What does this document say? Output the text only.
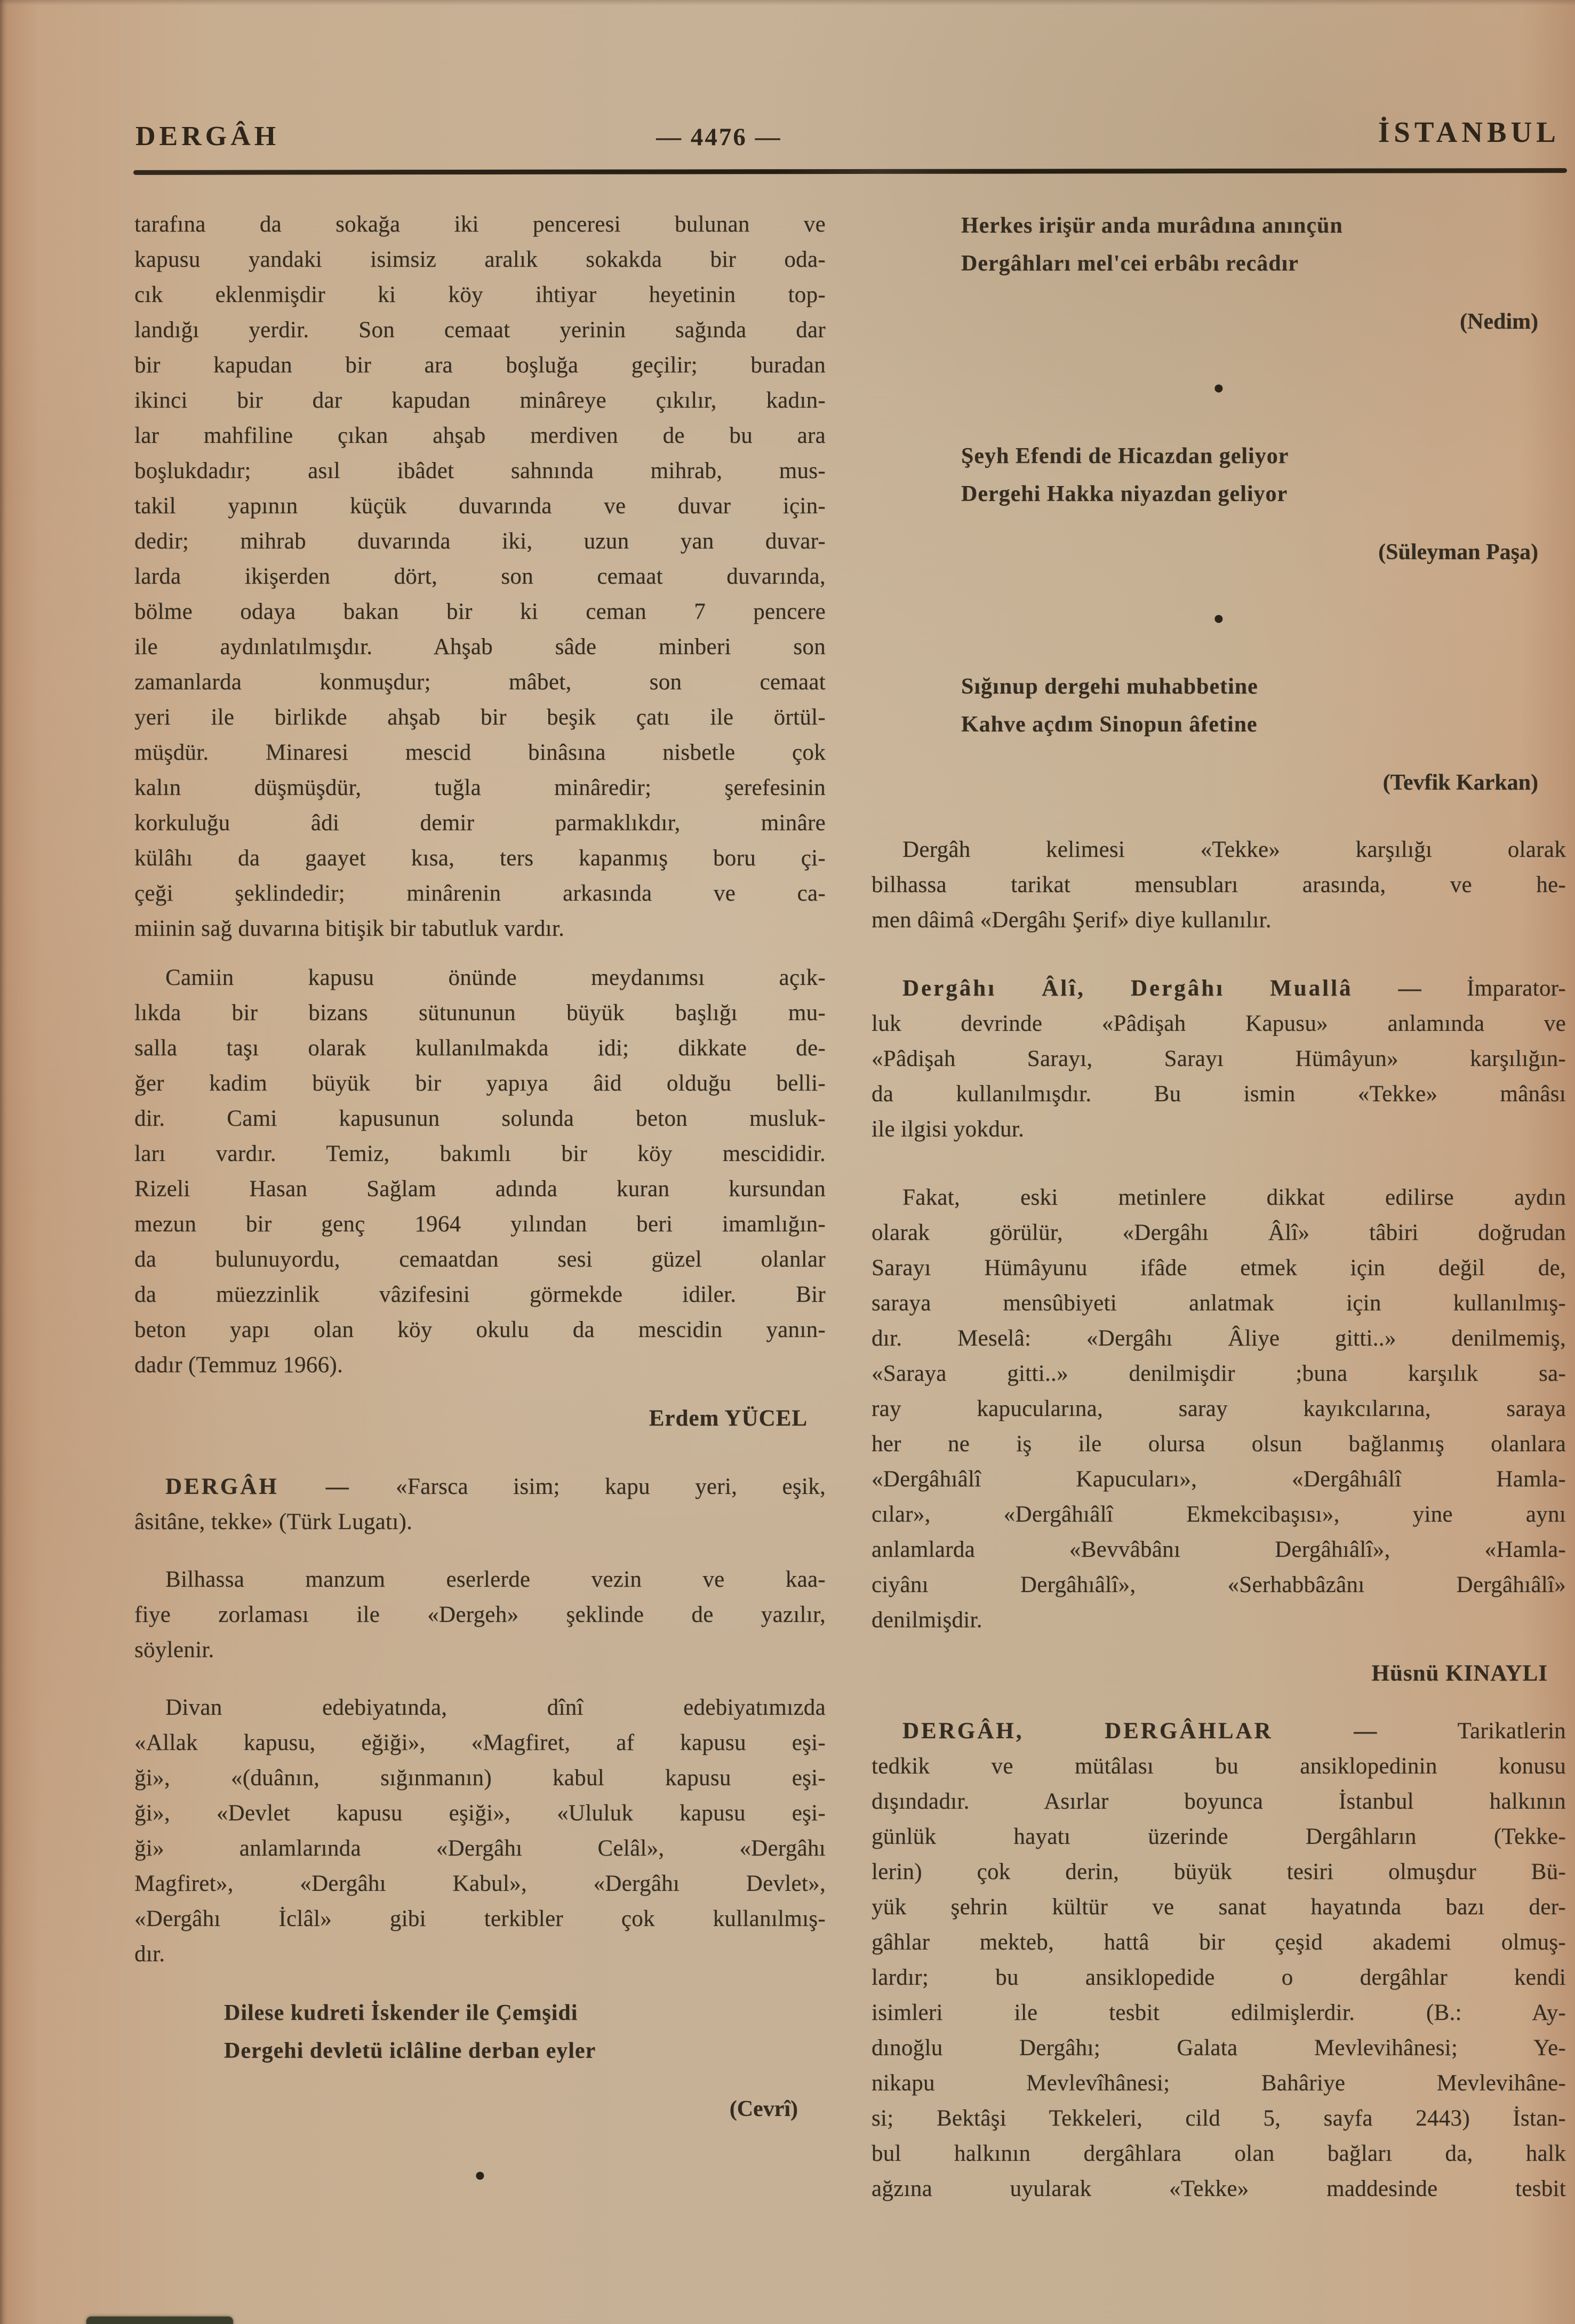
DERGÂH	— 4476 —	İSTANBUL
tarafına da sokağa iki penceresi bulunan ve
kapusu yandaki isimsiz aralık sokakda bir oda-
cık eklenmişdir ki köy ihtiyar heyetinin top-
landığı yerdir. Son cemaat yerinin sağında dar
bir kapudan bir ara boşluğa geçilir; buradan
ikinci bir dar kapudan minâreye çıkılır, kadın-
lar mahfiline çıkan ahşab merdiven de bu ara
boşlukdadır; asıl ibâdet sahnında mihrab, mus-
takil yapının küçük duvarında ve duvar için-
dedir; mihrab duvarında iki, uzun yan duvar-
larda ikişerden dört, son cemaat duvarında,
bölme odaya bakan bir ki ceman 7 pencere
ile aydınlatılmışdır. Ahşab sâde minberi son
zamanlarda konmuşdur; mâbet, son cemaat
yeri ile birlikde ahşab bir beşik çatı ile örtül-
müşdür. Minaresi mescid binâsına nisbetle çok
kalın düşmüşdür, tuğla minâredir; şerefesinin
korkuluğu âdi demir parmaklıkdır, minâre
külâhı da gaayet kısa, ters kapanmış boru çi-
çeği şeklindedir; minârenin arkasında ve ca-
miinin sağ duvarına bitişik bir tabutluk vardır.
Camiin kapusu önünde meydanımsı açık-
lıkda bir bizans sütununun büyük başlığı mu-
salla taşı olarak kullanılmakda idi; dikkate de-
ğer kadim büyük bir yapıya âid olduğu belli-
dir. Cami kapusunun solunda beton musluk-
ları vardır. Temiz, bakımlı bir köy mescididir.
Rizeli Hasan Sağlam adında kuran kursundan
mezun bir genç 1964 yılından beri imamlığın-
da bulunuyordu, cemaatdan sesi güzel olanlar
da müezzinlik vâzifesini görmekde idiler. Bir
beton yapı olan köy okulu da mescidin yanın-
dadır (Temmuz 1966).
Erdem YÜCEL
DERGÂH — «Farsca isim; kapu yeri, eşik,
âsitâne, tekke» (Türk Lugatı).
Bilhassa manzum eserlerde vezin ve kaa-
fiye zorlaması ile «Dergeh» şeklinde de yazılır,
söylenir.
Divan edebiyatında, dînî edebiyatımızda
«Allak kapusu, eğiği», «Magfiret, af kapusu eşi-
ği», «(duânın, sığınmanın) kabul kapusu eşi-
ği», «Devlet kapusu eşiği», «Ululuk kapusu eşi-
ği» anlamlarında «Dergâhı Celâl», «Dergâhı
Magfiret», «Dergâhı Kabul», «Dergâhı Devlet»,
«Dergâhı İclâl» gibi terkibler çok kullanılmış-
dır.
Dilese kudreti İskender ile Çemşidi
Dergehi devletü iclâline derban eyler
(Cevrî)
●
Herkes irişür anda murâdına anınçün
Dergâhları mel'cei erbâbı recâdır
(Nedim)
●
Şeyh Efendi de Hicazdan geliyor
Dergehi Hakka niyazdan geliyor
(Süleyman Paşa)
●
Sığınup dergehi muhabbetine
Kahve açdım Sinopun âfetine
(Tevfik Karkan)
Dergâh kelimesi «Tekke» karşılığı olarak
bilhassa tarikat mensubları arasında, ve he-
men dâimâ «Dergâhı Şerif» diye kullanılır.
Dergâhı Âlî, Dergâhı Muallâ — İmparator-
luk devrinde «Pâdişah Kapusu» anlamında ve
«Pâdişah Sarayı, Sarayı Hümâyun» karşılığın-
da kullanılmışdır. Bu ismin «Tekke» mânâsı
ile ilgisi yokdur.
Fakat, eski metinlere dikkat edilirse aydın
olarak görülür, «Dergâhı Âlî» tâbiri doğrudan
Sarayı Hümâyunu ifâde etmek için değil de,
saraya mensûbiyeti anlatmak için kullanılmış-
dır. Meselâ: «Dergâhı Âliye gitti..» denilmemiş,
«Saraya gitti..» denilmişdir ;buna karşılık sa-
ray kapucularına, saray kayıkcılarına, saraya
her ne iş ile olursa olsun bağlanmış olanlara
«Dergâhıâlî Kapucuları», «Dergâhıâlî Hamla-
cılar», «Dergâhıâlî Ekmekcibaşısı», yine aynı
anlamlarda «Bevvâbânı Dergâhıâlî», «Hamla-
ciyânı Dergâhıâlî», «Serhabbâzânı Dergâhıâlî»
denilmişdir.
Hüsnü KINAYLI
DERGÂH, DERGÂHLAR — Tarikatlerin
tedkik ve mütâlası bu ansiklopedinin konusu
dışındadır. Asırlar boyunca İstanbul halkının
günlük hayatı üzerinde Dergâhların (Tekke-
lerin) çok derin, büyük tesiri olmuşdur Bü-
yük şehrin kültür ve sanat hayatında bazı der-
gâhlar mekteb, hattâ bir çeşid akademi olmuş-
lardır; bu ansiklopedide o dergâhlar kendi
isimleri ile tesbit edilmişlerdir. (B.: Ay-
dınoğlu Dergâhı; Galata Mevlevihânesi; Ye-
nikapu Mevlevîhânesi; Bahâriye Mevlevihâne-
si; Bektâşi Tekkeleri, cild 5, sayfa 2443) İstan-
bul halkının dergâhlara olan bağları da, halk
ağzına uyularak «Tekke» maddesinde tesbit
